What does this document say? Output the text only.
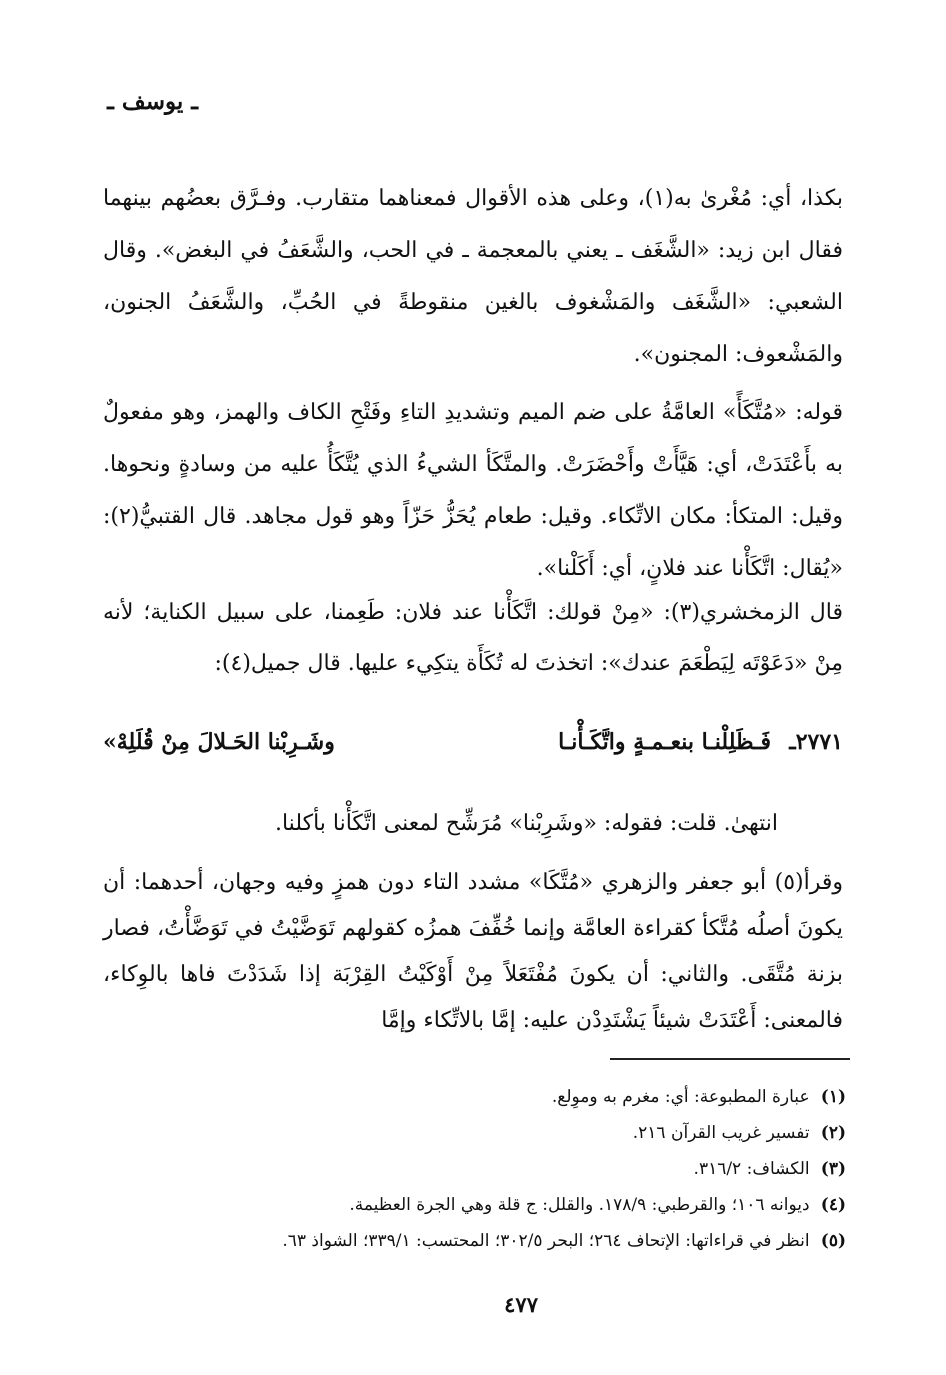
ـ يوسف ـ

بكذا، أي: مُغْرىٰ به(١)، وعلى هذه الأقوال فمعناهما متقارب. وفـرَّق بعضُهم بينهما فقال ابن زيد: «الشَّغَف ـ يعني بالمعجمة ـ في الحب، والشَّعَفُ في البغض». وقال الشعبي: «الشَّغَف والمَشْغوف بالغين منقوطةً في الحُبِّ، والشَّعَفُ الجنون، والمَشْعوف: المجنون».

قوله: «مُتَّكَأً» العامَّةُ على ضم الميم وتشديدِ التاءِ وفَتْحِ الكاف والهمز، وهو مفعولٌ به بأَعْتَدَتْ، أي: هَيَّأَتْ وأَحْضَرَتْ. والمتَّكَأ الشيءُ الذي يُتَّكَأُ عليه من وسادةٍ ونحوها. وقيل: المتكأ: مكان الاتِّكاء. وقيل: طعام يُحَزُّ حَزّاً وهو قول مجاهد. قال القتبيُّ(٢): «يُقال: اتَّكَأْنا عند فلانٍ، أي: أَكَلْنا».

قال الزمخشري(٣): «مِنْ قولك: اتَّكَأْنا عند فلان: طَعِمنا، على سبيل الكناية؛ لأنه مِنْ «دَعَوْتَه لِيَطْعَمَ عندك»: اتخذتَ له تُكَأَة يتكِيء عليها. قال جميل(٤):

٢٧٧١ـ
فَـظَلِلْنـا بنعـمـةٍ واتَّكَـأْنـا
وشَـرِبْنا الحَـلالَ مِنْ قُلَلِهْ»

انتهىٰ. قلت: فقوله: «وشَرِبْنا» مُرَشِّح لمعنى اتَّكَأْنا بأكلنا.

وقرأ(٥) أبو جعفر والزهري «مُتَّكَا» مشدد التاء دون همزٍ وفيه وجهان، أحدهما: أن يكونَ أصلُه مُتَّكأ كقراءة العامَّة وإنما خُفِّفَ همزُه كقولهم تَوَضَّيْتُ في تَوَضَّأْتُ، فصار بزنة مُتَّقَى. والثاني: أن يكونَ مُفْتَعَلاً مِنْ أَوْكَيْتُ القِرْبَة إذا شَدَدْتَ فاها بالوِكاء، فالمعنى: أَعْتَدَتْ شيئاً يَشْتَدِدْن عليه: إمَّا بالاتِّكاء وإمَّا

(١) عبارة المطبوعة: أي: مغرم به وموِلع.
(٢) تفسير غريب القرآن ٢١٦.
(٣) الكشاف: ٣١٦/٢.
(٤) ديوانه ١٠٦؛ والقرطبي: ١٧٨/٩. والقلل: ج قلة وهي الجرة العظيمة.
(٥) انظر في قراءاتها: الإتحاف ٢٦٤؛ البحر ٣٠٢/٥؛ المحتسب: ٣٣٩/١؛ الشواذ ٦٣.
٤٧٧
